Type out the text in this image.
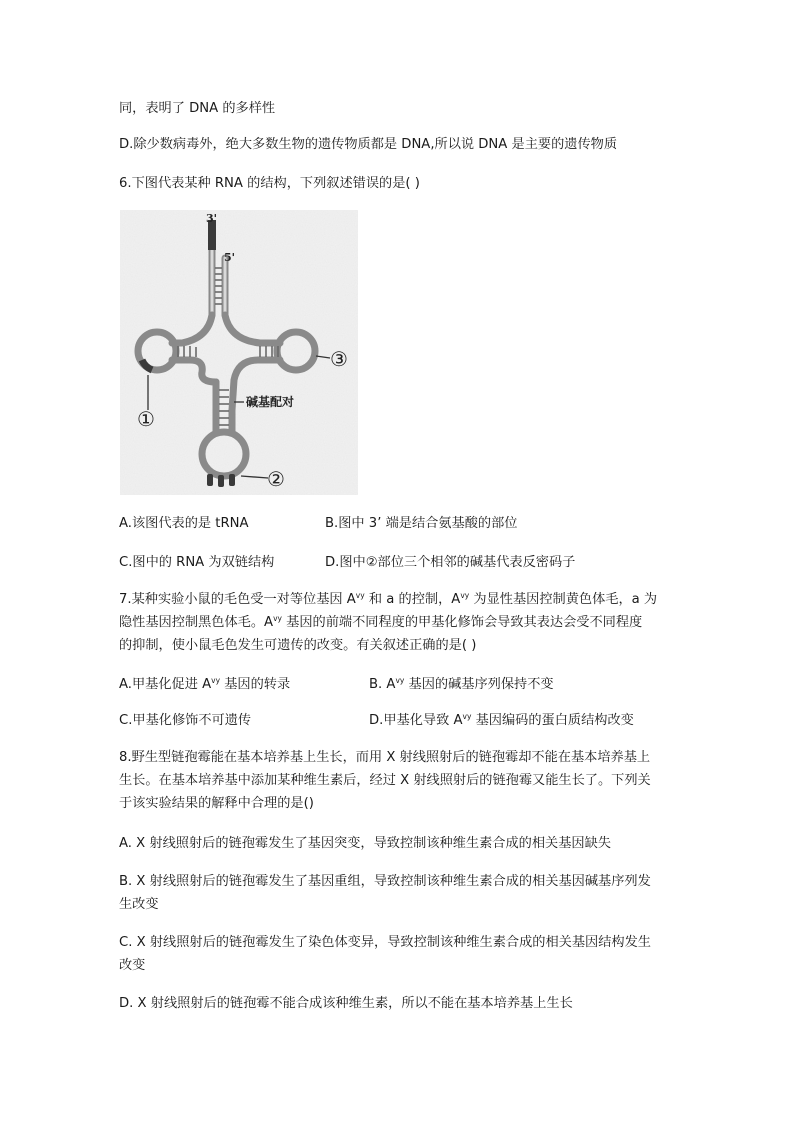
同，表明了 DNA 的多样性
D.除少数病毒外，绝大多数生物的遗传物质都是 DNA,所以说 DNA 是主要的遗传物质
6.下图代表某种 RNA 的结构，下列叙述错误的是( )
3'
5'
碱基配对
①
③
②
A.该图代表的是 tRNA	B.图中 3’ 端是结合氨基酸的部位
C.图中的 RNA 为双链结构	D.图中②部位三个相邻的碱基代表反密码子
7.某种实验小鼠的毛色受一对等位基因 $A^{vy}$ 和 a 的控制，$A^{vy}$ 为显性基因控制黄色体毛，a 为
隐性基因控制黑色体毛。$A^{vy}$ 基因的前端不同程度的甲基化修饰会导致其表达会受不同程度
的抑制，使小鼠毛色发生可遗传的改变。有关叙述正确的是( )
A.甲基化促进 $A^{vy}$ 基因的转录	B. $A^{vy}$ 基因的碱基序列保持不变
C.甲基化修饰不可遗传	D.甲基化导致 $A^{vy}$ 基因编码的蛋白质结构改变
8.野生型链孢霉能在基本培养基上生长，而用 X 射线照射后的链孢霉却不能在基本培养基上
生长。在基本培养基中添加某种维生素后，经过 X 射线照射后的链孢霉又能生长了。下列关
于该实验结果的解释中合理的是()
A. X 射线照射后的链孢霉发生了基因突变，导致控制该种维生素合成的相关基因缺失
B. X 射线照射后的链孢霉发生了基因重组，导致控制该种维生素合成的相关基因碱基序列发
生改变
C. X 射线照射后的链孢霉发生了染色体变异，导致控制该种维生素合成的相关基因结构发生
改变
D. X 射线照射后的链孢霉不能合成该种维生素，所以不能在基本培养基上生长
